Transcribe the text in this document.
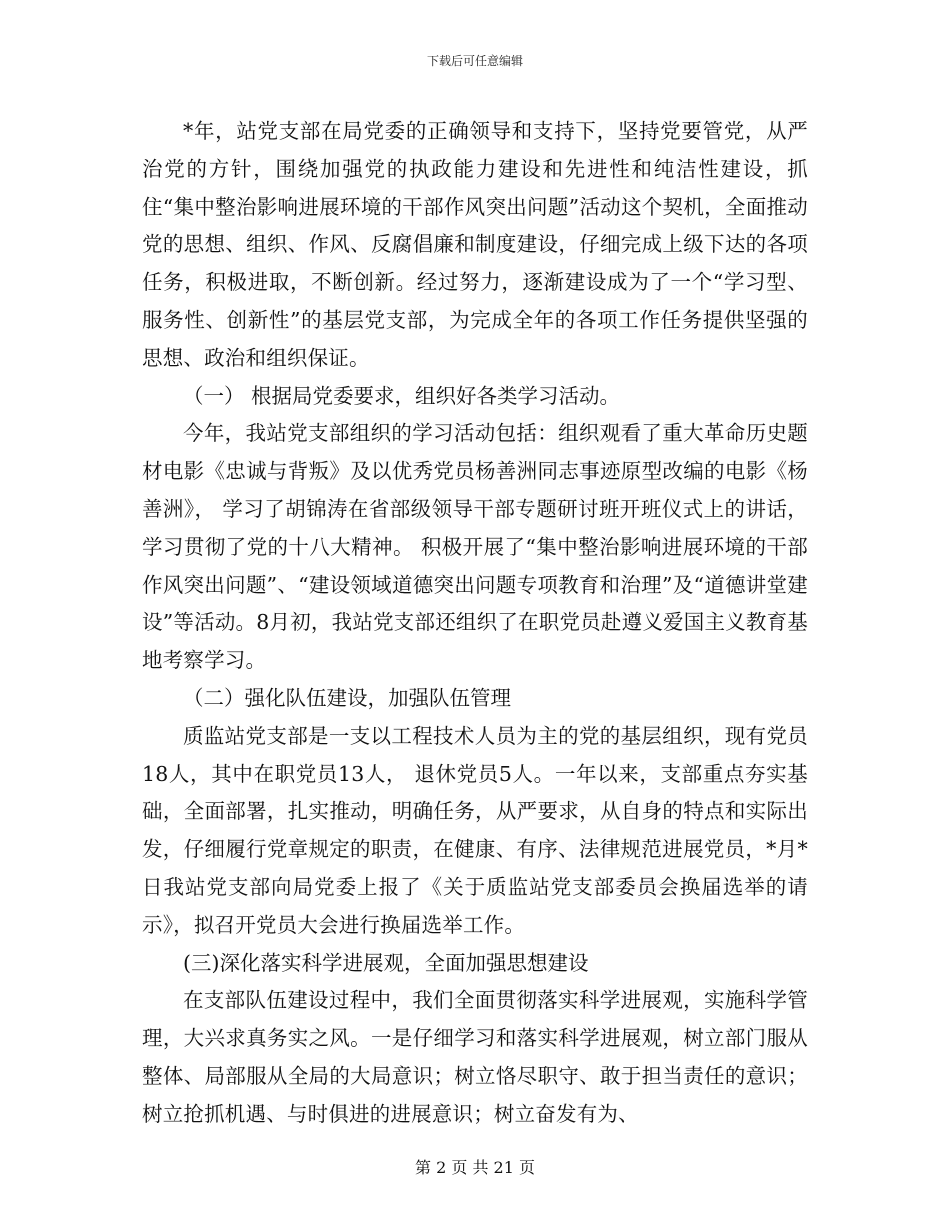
下载后可任意编辑

*年，站党支部在局党委的正确领导和支持下，坚持党要管党，从严治党的方针，围绕加强党的执政能力建设和先进性和纯洁性建设，抓住“集中整治影响进展环境的干部作风突出问题”活动这个契机，全面推动党的思想、组织、作风、反腐倡廉和制度建设，仔细完成上级下达的各项任务，积极进取，不断创新。经过努力，逐渐建设成为了一个“学习型、服务性、创新性”的基层党支部，为完成全年的各项工作任务提供坚强的思想、政治和组织保证。

（一） 根据局党委要求，组织好各类学习活动。

今年，我站党支部组织的学习活动包括：组织观看了重大革命历史题材电影《忠诚与背叛》及以优秀党员杨善洲同志事迹原型改编的电影《杨善洲》， 学习了胡锦涛在省部级领导干部专题研讨班开班仪式上的讲话，学习贯彻了党的十八大精神。 积极开展了“集中整治影响进展环境的干部作风突出问题”、“建设领域道德突出问题专项教育和治理”及“道德讲堂建设”等活动。8月初，我站党支部还组织了在职党员赴遵义爱国主义教育基地考察学习。

（二）强化队伍建设，加强队伍管理

质监站党支部是一支以工程技术人员为主的党的基层组织，现有党员18人，其中在职党员13人， 退休党员5人。一年以来，支部重点夯实基础，全面部署，扎实推动，明确任务，从严要求，从自身的特点和实际出发，仔细履行党章规定的职责，在健康、有序、法律规范进展党员，*月*日我站党支部向局党委上报了《关于质监站党支部委员会换届选举的请示》，拟召开党员大会进行换届选举工作。

(三)深化落实科学进展观，全面加强思想建设

在支部队伍建设过程中，我们全面贯彻落实科学进展观，实施科学管理，大兴求真务实之风。一是仔细学习和落实科学进展观，树立部门服从整体、局部服从全局的大局意识；树立恪尽职守、敢于担当责任的意识；树立抢抓机遇、与时俱进的进展意识；树立奋发有为、

第 2 页 共 21 页
